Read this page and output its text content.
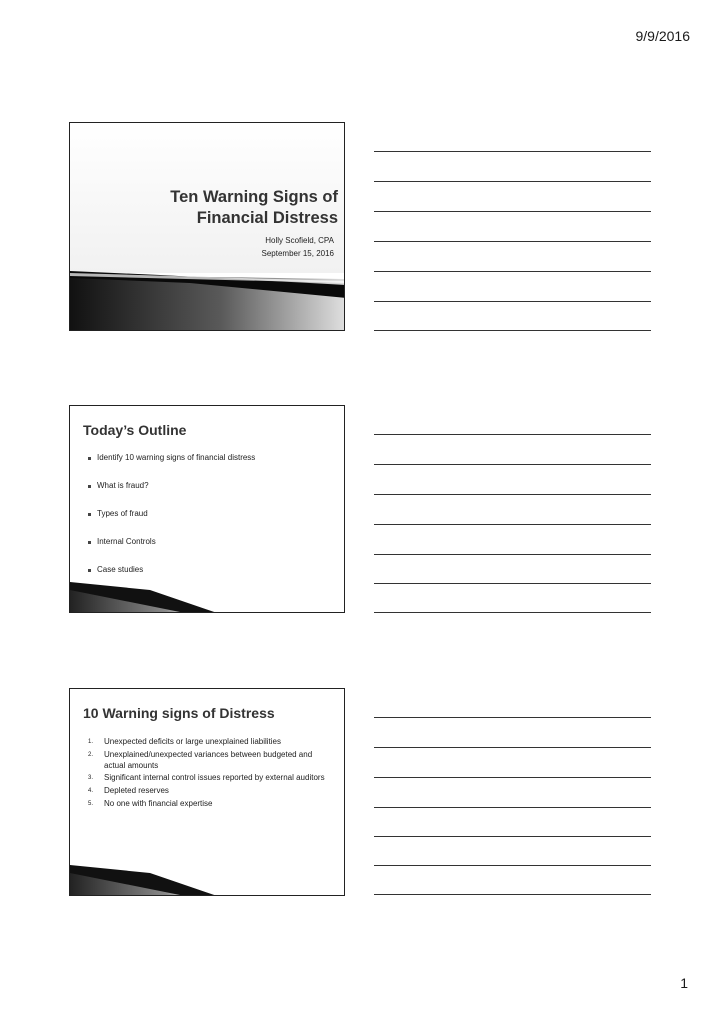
9/9/2016
Ten Warning Signs of
Financial Distress
Holly Scofield, CPA
September 15, 2016
Today’s Outline
Identify 10 warning signs of financial distress
What is fraud?
Types of fraud
Internal Controls
Case studies
10 Warning signs of Distress
1.	Unexpected deficits or large unexplained liabilities
2.	Unexplained/unexpected variances between budgeted and actual amounts
3.	Significant internal control issues reported by external auditors
4.	Depleted reserves
5.	No one with financial expertise
1
